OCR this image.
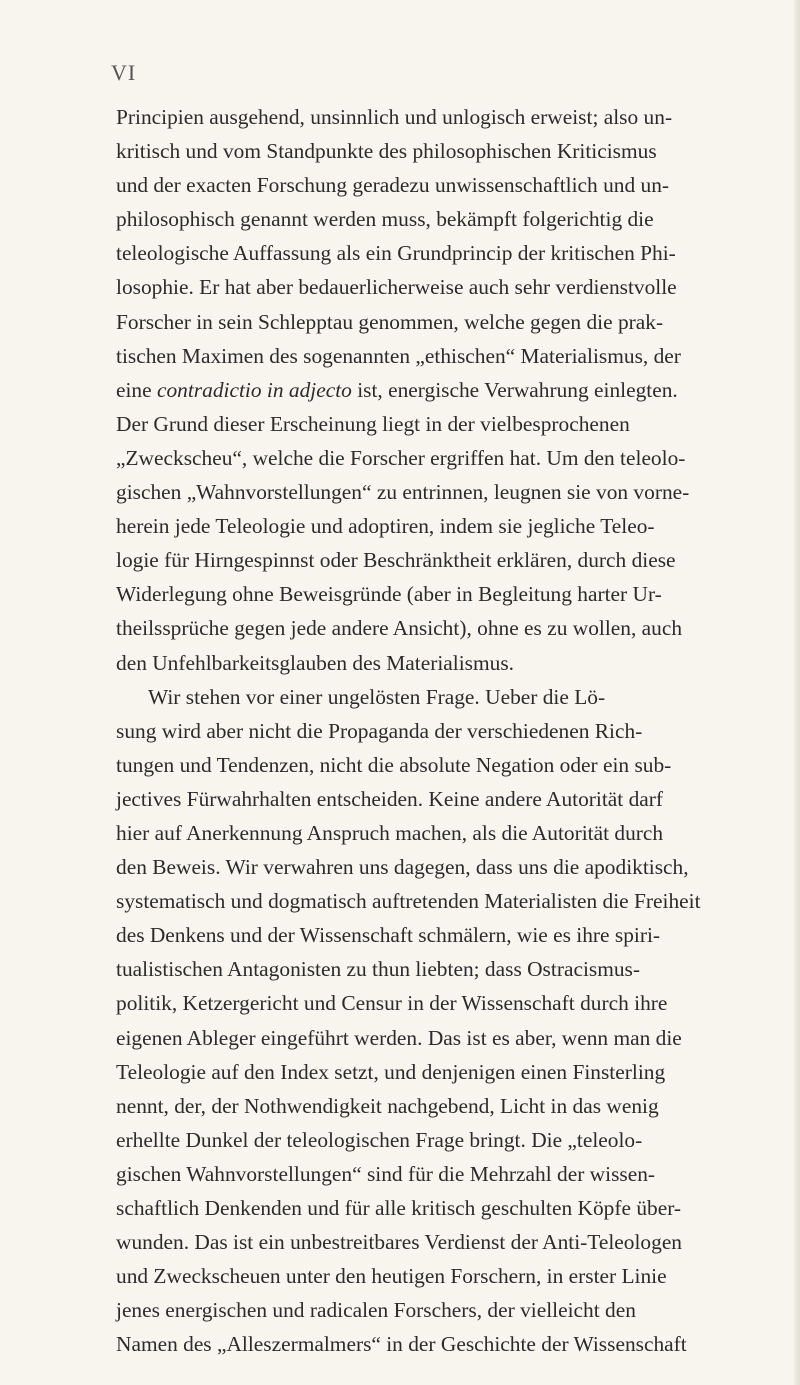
VI
Principien ausgehend, unsinnlich und unlogisch erweist; also un-
kritisch und vom Standpunkte des philosophischen Kriticismus
und der exacten Forschung geradezu unwissenschaftlich und un-
philosophisch genannt werden muss, bekämpft folgerichtig die
teleologische Auffassung als ein Grundprincip der kritischen Phi-
losophie. Er hat aber bedauerlicherweise auch sehr verdienstvolle
Forscher in sein Schlepptau genommen, welche gegen die prak-
tischen Maximen des sogenannten „ethischen“ Materialismus, der
eine contradictio in adjecto ist, energische Verwahrung einlegten.
Der Grund dieser Erscheinung liegt in der vielbesprochenen
„Zweckscheu“, welche die Forscher ergriffen hat. Um den teleolo-
gischen „Wahnvorstellungen“ zu entrinnen, leugnen sie von vorne-
herein jede Teleologie und adoptiren, indem sie jegliche Teleo-
logie für Hirngespinnst oder Beschränktheit erklären, durch diese
Widerlegung ohne Beweisgründe (aber in Begleitung harter Ur-
theilssprüche gegen jede andere Ansicht), ohne es zu wollen, auch
den Unfehlbarkeitsglauben des Materialismus.
Wir stehen vor einer ungelösten Frage. Ueber die Lö-
sung wird aber nicht die Propaganda der verschiedenen Rich-
tungen und Tendenzen, nicht die absolute Negation oder ein sub-
jectives Fürwahrhalten entscheiden. Keine andere Autorität darf
hier auf Anerkennung Anspruch machen, als die Autorität durch
den Beweis. Wir verwahren uns dagegen, dass uns die apodiktisch,
systematisch und dogmatisch auftretenden Materialisten die Freiheit
des Denkens und der Wissenschaft schmälern, wie es ihre spiri-
tualistischen Antagonisten zu thun liebten; dass Ostracismus-
politik, Ketzergericht und Censur in der Wissenschaft durch ihre
eigenen Ableger eingeführt werden. Das ist es aber, wenn man die
Teleologie auf den Index setzt, und denjenigen einen Finsterling
nennt, der, der Nothwendigkeit nachgebend, Licht in das wenig
erhellte Dunkel der teleologischen Frage bringt. Die „teleolo-
gischen Wahnvorstellungen“ sind für die Mehrzahl der wissen-
schaftlich Denkenden und für alle kritisch geschulten Köpfe über-
wunden. Das ist ein unbestreitbares Verdienst der Anti-Teleologen
und Zweckscheuen unter den heutigen Forschern, in erster Linie
jenes energischen und radicalen Forschers, der vielleicht den
Namen des „Alleszermalmers“ in der Geschichte der Wissenschaft
